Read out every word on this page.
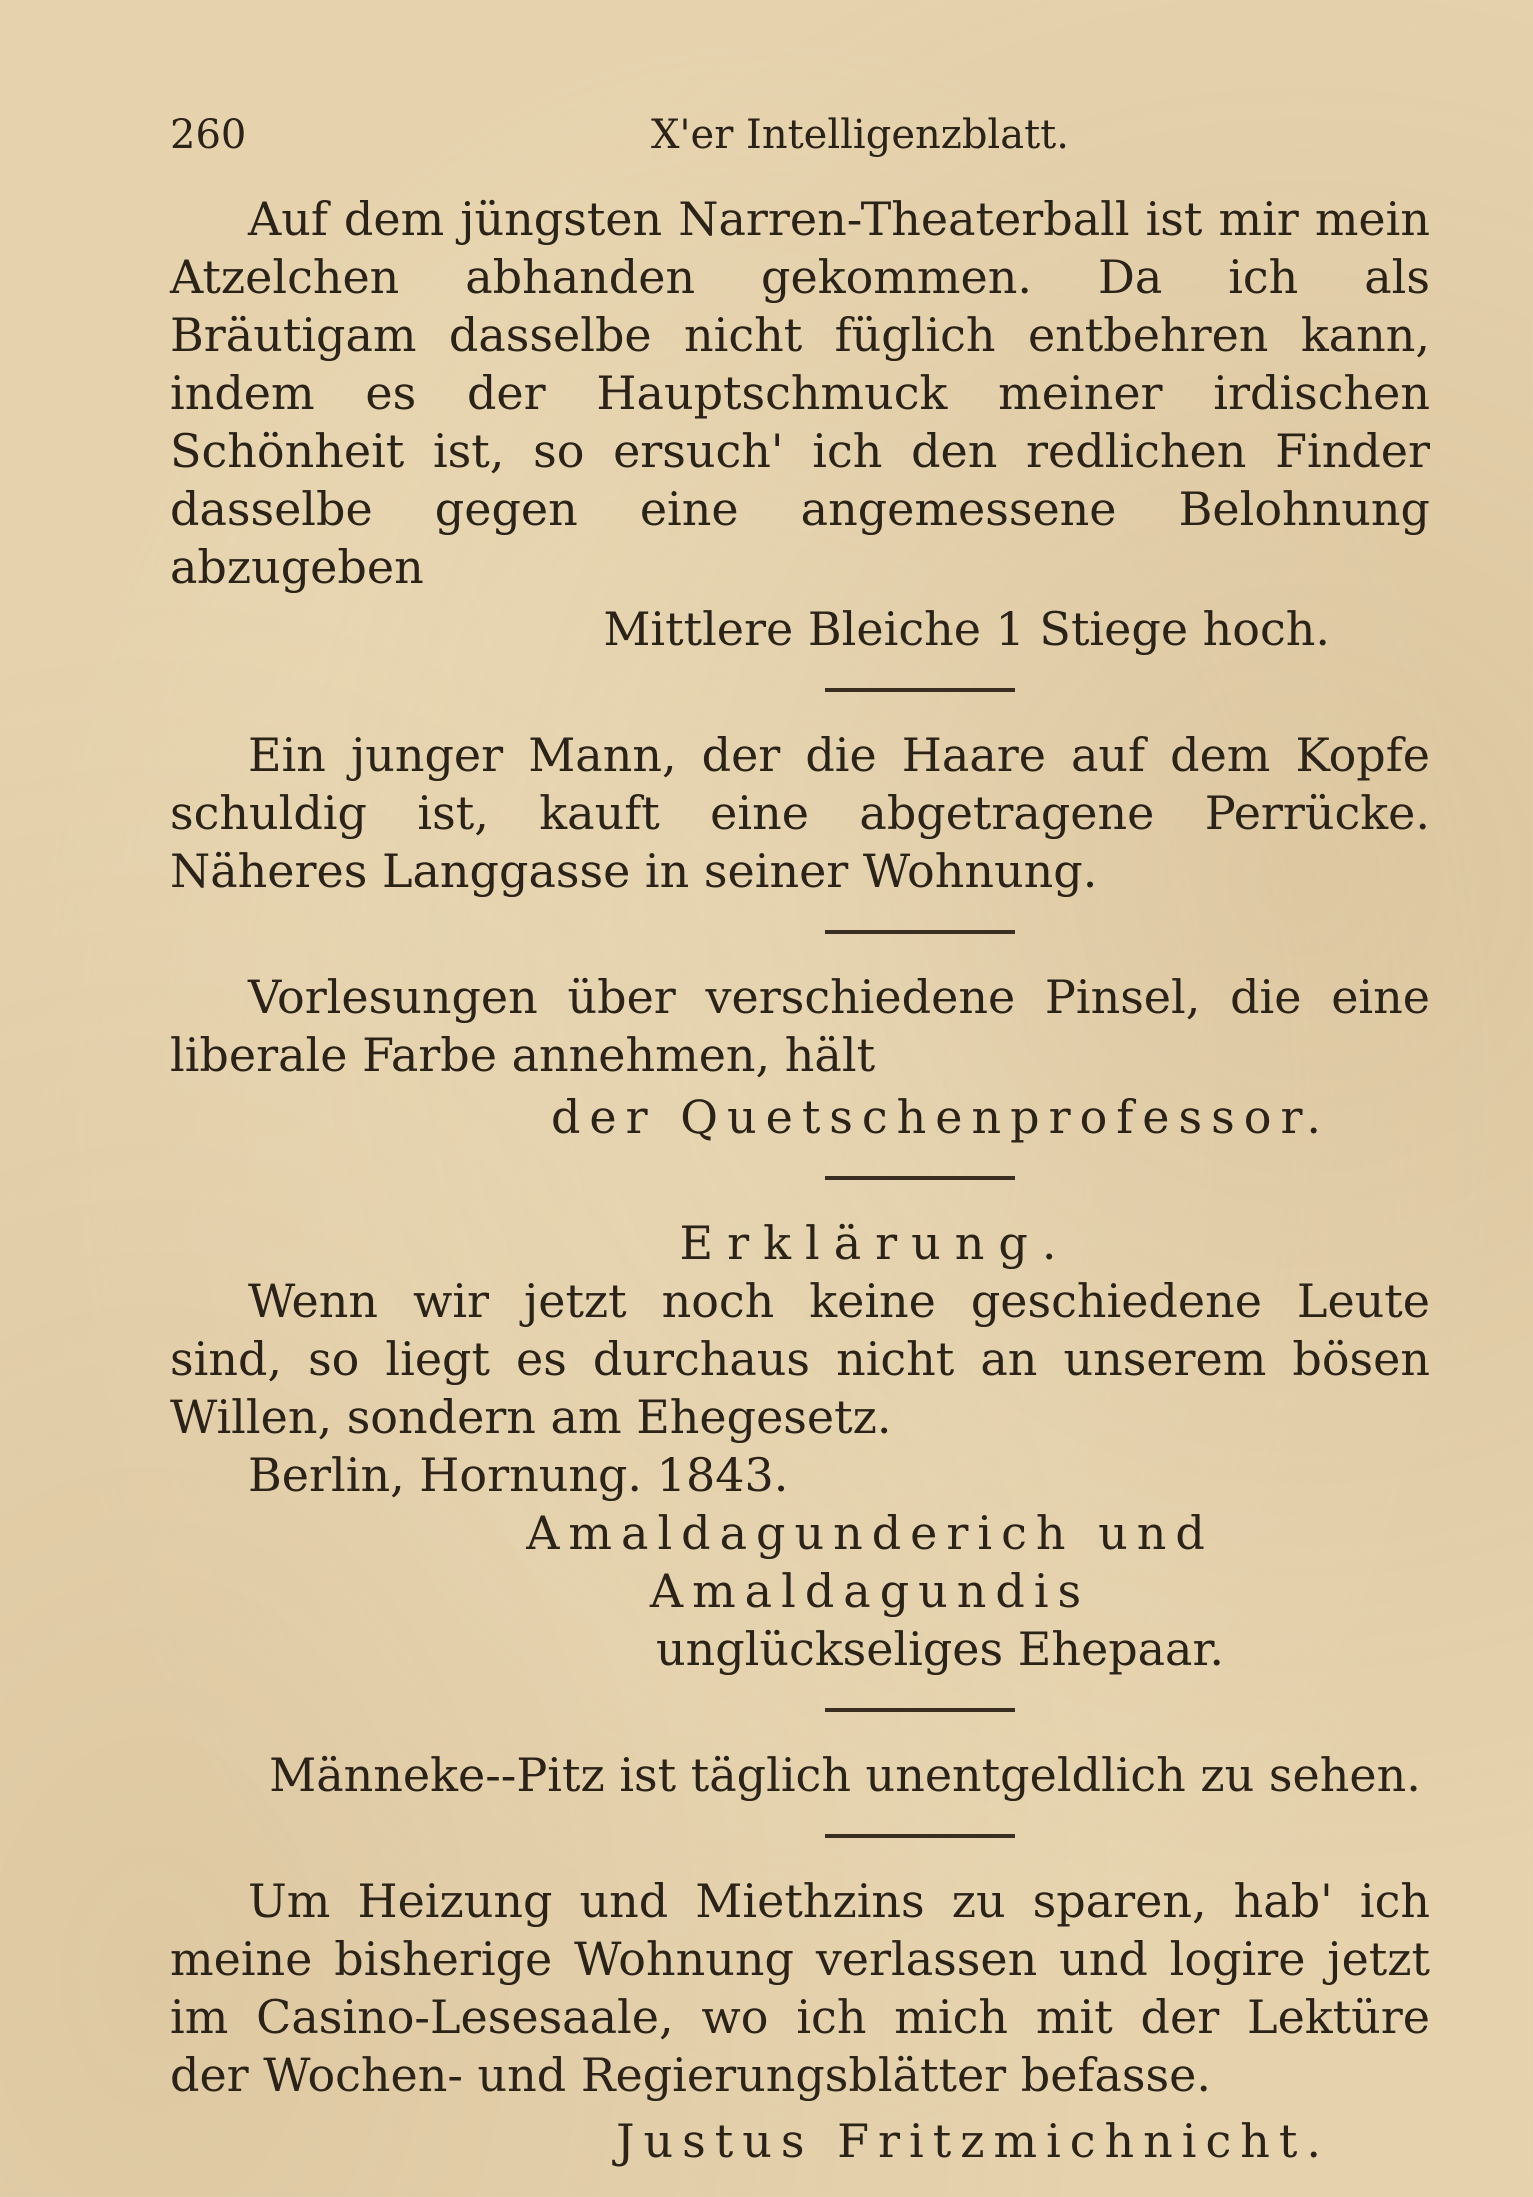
260	X'er Intelligenzblatt.

Auf dem jüngsten Narren-Theaterball ist mir mein Atzelchen abhanden gekommen. Da ich als Bräutigam dasselbe nicht füglich entbehren kann, indem es der Hauptschmuck meiner irdischen Schönheit ist, so ersuch' ich den redlichen Finder dasselbe gegen eine angemessene Belohnung abzugeben

Mittlere Bleiche 1 Stiege hoch.

Ein junger Mann, der die Haare auf dem Kopfe schuldig ist, kauft eine abgetragene Perrücke. Näheres Langgasse in seiner Wohnung.

Vorlesungen über verschiedene Pinsel, die eine liberale Farbe annehmen, hält

der Quetschenprofessor.

Erklärung.

Wenn wir jetzt noch keine geschiedene Leute sind, so liegt es durchaus nicht an unserem bösen Willen, sondern am Ehegesetz.

Berlin, Hornung. 1843.

Amaldagunderich und Amaldagundis

unglückseliges Ehepaar.

Männeke--Pitz ist täglich unentgeldlich zu sehen.

Um Heizung und Miethzins zu sparen, hab' ich meine bisherige Wohnung verlassen und logire jetzt im Casino-Lesesaale, wo ich mich mit der Lektüre der Wochen- und Regierungsblätter befasse.

Justus Fritzmichnicht.
